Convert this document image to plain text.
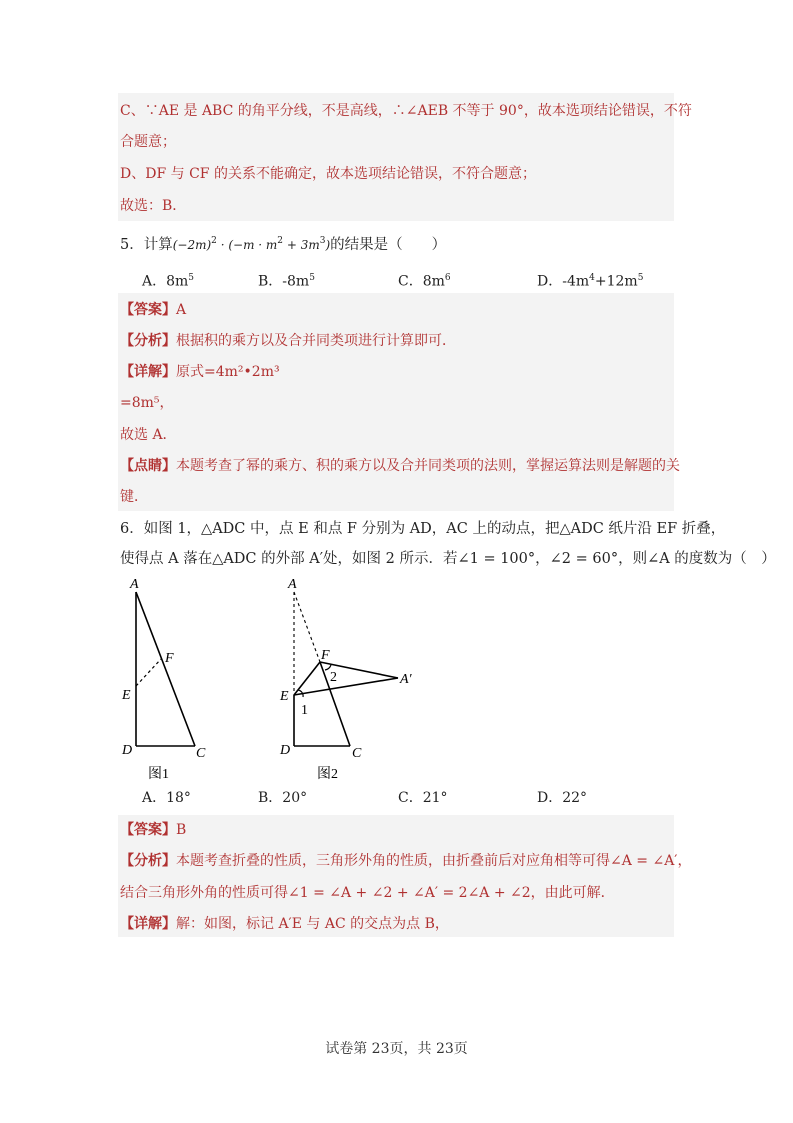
C、∵AE 是 ABC 的角平分线，不是高线，∴∠AEB 不等于 90°，故本选项结论错误，不符
合题意；
D、DF 与 CF 的关系不能确定，故本选项结论错误，不符合题意；
故选：B．
5．计算$(-2m)^2 \cdot (-m \cdot m^2 + 3m^3)$的结果是（　　）
A．$8m^5$	B．$-8m^5$	C．$8m^6$	D．$-4m^4+12m^5$
【答案】A
【分析】根据积的乘方以及合并同类项进行计算即可．
【详解】原式=4m²•2m³
=8m⁵，
故选 A．
【点睛】本题考查了幂的乘方、积的乘方以及合并同类项的法则，掌握运算法则是解题的关
键．
6．如图 1，△ADC 中，点 E 和点 F 分别为 AD，AC 上的动点，把△ADC 纸片沿 EF 折叠，
使得点 A 落在△ADC 的外部 A′处，如图 2 所示．若∠1 = 100°，∠2 = 60°，则∠A 的度数为（　）
A
F
E
D	C
图1
A
F
E
D	C
A′
1
2
图2
A．18°	B．20°	C．21°	D．22°
【答案】B
【分析】本题考查折叠的性质，三角形外角的性质，由折叠前后对应角相等可得∠A = ∠A′，
结合三角形外角的性质可得∠1 = ∠A + ∠2 + ∠A′ = 2∠A + ∠2，由此可解．
【详解】解：如图，标记 A′E 与 AC 的交点为点 B，
试卷第 23页，共 23页
